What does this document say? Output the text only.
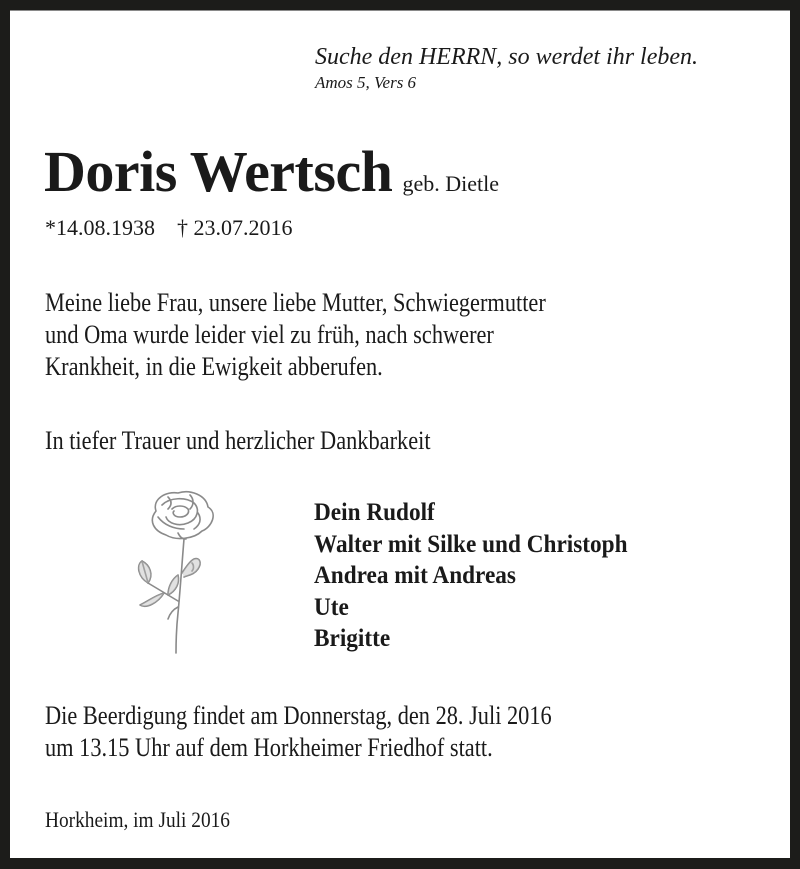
Suche den HERRN, so werdet ihr leben.
Amos 5, Vers 6
Doris Wertsch geb. Dietle
*14.08.1938 † 23.07.2016
Meine liebe Frau, unsere liebe Mutter, Schwiegermutter
und Oma wurde leider viel zu früh, nach schwerer
Krankheit, in die Ewigkeit abberufen.
In tiefer Trauer und herzlicher Dankbarkeit
Dein Rudolf
Walter mit Silke und Christoph
Andrea mit Andreas
Ute
Brigitte
Die Beerdigung findet am Donnerstag, den 28. Juli 2016
um 13.15 Uhr auf dem Horkheimer Friedhof statt.
Horkheim, im Juli 2016
